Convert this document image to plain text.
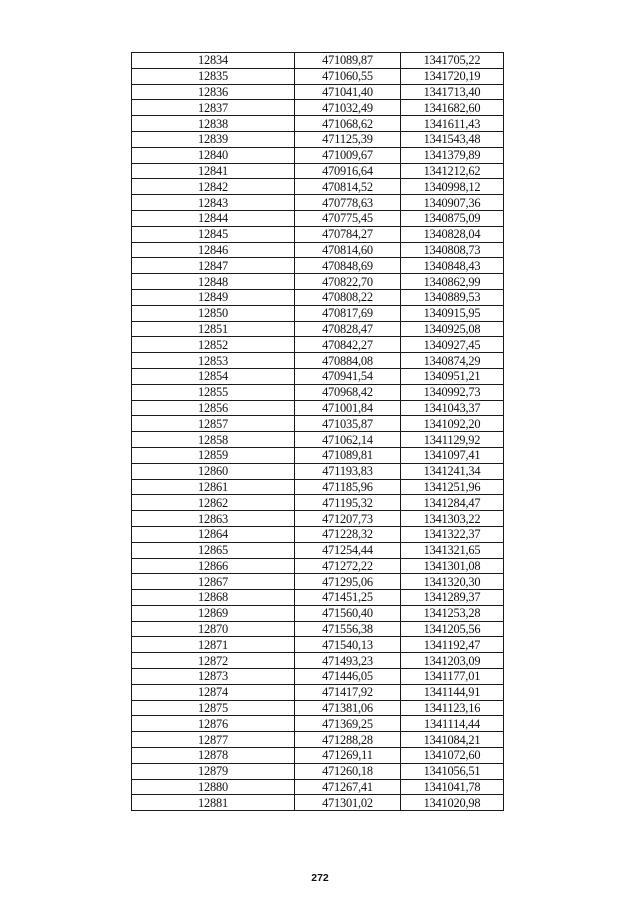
12834	471089,87	1341705,22
12835	471060,55	1341720,19
12836	471041,40	1341713,40
12837	471032,49	1341682,60
12838	471068,62	1341611,43
12839	471125,39	1341543,48
12840	471009,67	1341379,89
12841	470916,64	1341212,62
12842	470814,52	1340998,12
12843	470778,63	1340907,36
12844	470775,45	1340875,09
12845	470784,27	1340828,04
12846	470814,60	1340808,73
12847	470848,69	1340848,43
12848	470822,70	1340862,99
12849	470808,22	1340889,53
12850	470817,69	1340915,95
12851	470828,47	1340925,08
12852	470842,27	1340927,45
12853	470884,08	1340874,29
12854	470941,54	1340951,21
12855	470968,42	1340992,73
12856	471001,84	1341043,37
12857	471035,87	1341092,20
12858	471062,14	1341129,92
12859	471089,81	1341097,41
12860	471193,83	1341241,34
12861	471185,96	1341251,96
12862	471195,32	1341284,47
12863	471207,73	1341303,22
12864	471228,32	1341322,37
12865	471254,44	1341321,65
12866	471272,22	1341301,08
12867	471295,06	1341320,30
12868	471451,25	1341289,37
12869	471560,40	1341253,28
12870	471556,38	1341205,56
12871	471540,13	1341192,47
12872	471493,23	1341203,09
12873	471446,05	1341177,01
12874	471417,92	1341144,91
12875	471381,06	1341123,16
12876	471369,25	1341114,44
12877	471288,28	1341084,21
12878	471269,11	1341072,60
12879	471260,18	1341056,51
12880	471267,41	1341041,78
12881	471301,02	1341020,98
272
